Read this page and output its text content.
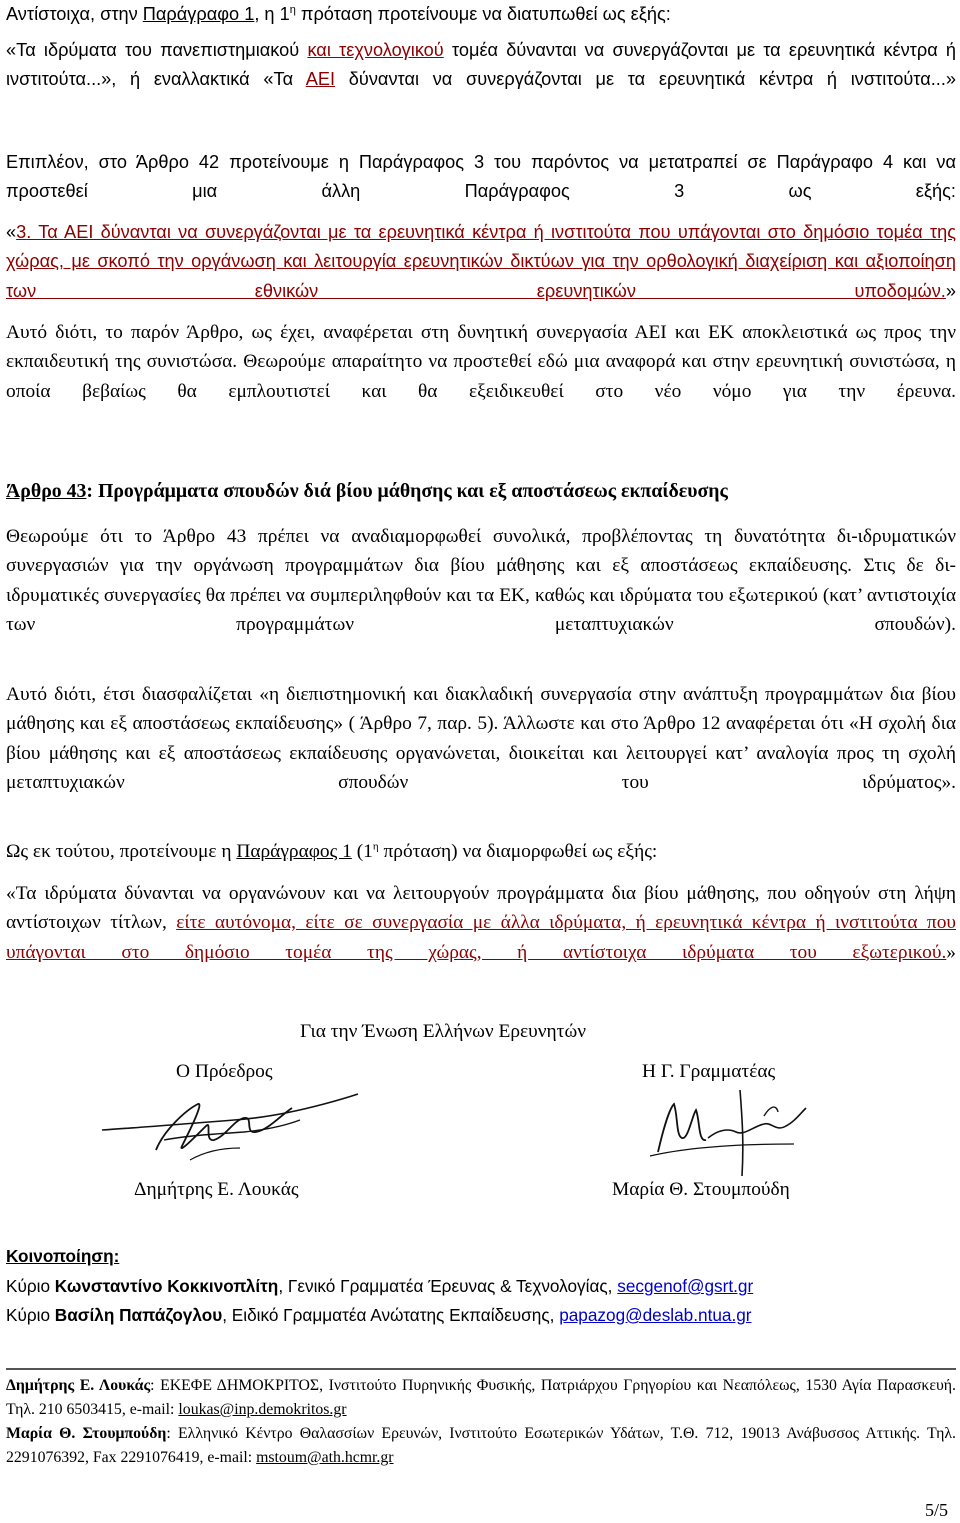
Αντίστοιχα, στην Παράγραφο 1, η $1^\eta$ πρόταση προτείνουμε να διατυπωθεί ως εξής:
«Τα ιδρύματα του πανεπιστημιακού και τεχνολογικού τομέα δύνανται να συνεργάζονται με τα ερευνητικά κέντρα ή ινστιτούτα...», ή εναλλακτικά «Τα ΑΕΙ δύνανται να συνεργάζονται με τα ερευνητικά κέντρα ή ινστιτούτα...»
Επιπλέον, στο Άρθρο 42 προτείνουμε η Παράγραφος 3 του παρόντος να μετατραπεί σε Παράγραφο 4 και να προστεθεί μια άλλη Παράγραφος 3 ως εξής:
«3. Τα ΑΕΙ δύνανται να συνεργάζονται με τα ερευνητικά κέντρα ή ινστιτούτα που υπάγονται στο δημόσιο τομέα της χώρας, με σκοπό την οργάνωση και λειτουργία ερευνητικών δικτύων για την ορθολογική διαχείριση και αξιοποίηση των εθνικών ερευνητικών υποδομών.»
Αυτό διότι, το παρόν Άρθρο, ως έχει, αναφέρεται στη δυνητική συνεργασία ΑΕΙ και ΕΚ αποκλειστικά ως προς την εκπαιδευτική της συνιστώσα. Θεωρούμε απαραίτητο να προστεθεί εδώ μια αναφορά και στην ερευνητική συνιστώσα, η οποία βεβαίως θα εμπλουτιστεί και θα εξειδικευθεί στο νέο νόμο για την έρευνα.
Άρθρο 43: Προγράμματα σπουδών διά βίου μάθησης και εξ αποστάσεως εκπαίδευσης
Θεωρούμε ότι το Άρθρο 43 πρέπει να αναδιαμορφωθεί συνολικά, προβλέποντας τη δυνατότητα δι-ιδρυματικών συνεργασιών για την οργάνωση προγραμμάτων δια βίου μάθησης και εξ αποστάσεως εκπαίδευσης. Στις δε δι-ιδρυματικές συνεργασίες θα πρέπει να συμπεριληφθούν και τα ΕΚ, καθώς και ιδρύματα του εξωτερικού (κατ’ αντιστοιχία των προγραμμάτων μεταπτυχιακών σπουδών).
Αυτό διότι, έτσι διασφαλίζεται «η διεπιστημονική και διακλαδική συνεργασία στην ανάπτυξη προγραμμάτων δια βίου μάθησης και εξ αποστάσεως εκπαίδευσης» ( Άρθρο 7, παρ. 5). Άλλωστε και στο Άρθρο 12 αναφέρεται ότι «Η σχολή δια βίου μάθησης και εξ αποστάσεως εκπαίδευσης οργανώνεται, διοικείται και λειτουργεί κατ’ αναλογία προς τη σχολή μεταπτυχιακών σπουδών του ιδρύματος».
Ως εκ τούτου, προτείνουμε η Παράγραφος 1 ($1^\eta$ πρόταση) να διαμορφωθεί ως εξής:
«Τα ιδρύματα δύνανται να οργανώνουν και να λειτουργούν προγράμματα δια βίου μάθησης, που οδηγούν στη λήψη αντίστοιχων τίτλων, είτε αυτόνομα, είτε σε συνεργασία με άλλα ιδρύματα, ή ερευνητικά κέντρα ή ινστιτούτα που υπάγονται στο δημόσιο τομέα της χώρας, ή αντίστοιχα ιδρύματα του εξωτερικού.»
Για την Ένωση Ελλήνων Ερευνητών
Ο Πρόεδρος	Η Γ. Γραμματέας
Δημήτρης Ε. Λουκάς	Μαρία Θ. Στουμπούδη
Κοινοποίηση:
Κύριο Κωνσταντίνο Κοκκινοπλίτη, Γενικό Γραμματέα Έρευνας & Τεχνολογίας, secgenof@gsrt.gr
Κύριο Βασίλη Παπάζογλου, Ειδικό Γραμματέα Ανώτατης Εκπαίδευσης, papazog@deslab.ntua.gr
Δημήτρης Ε. Λουκάς: ΕΚΕΦΕ ΔΗΜΟΚΡΙΤΟΣ, Ινστιτούτο Πυρηνικής Φυσικής, Πατριάρχου Γρηγορίου και Νεαπόλεως, 1530 Αγία Παρασκευή. Τηλ. 210 6503415, e-mail: loukas@inp.demokritos.gr
Μαρία Θ. Στουμπούδη: Ελληνικό Κέντρο Θαλασσίων Ερευνών, Ινστιτούτο Εσωτερικών Υδάτων, Τ.Θ. 712, 19013 Ανάβυσσος Αττικής. Τηλ. 2291076392, Fax 2291076419, e-mail: mstoum@ath.hcmr.gr
5/5
